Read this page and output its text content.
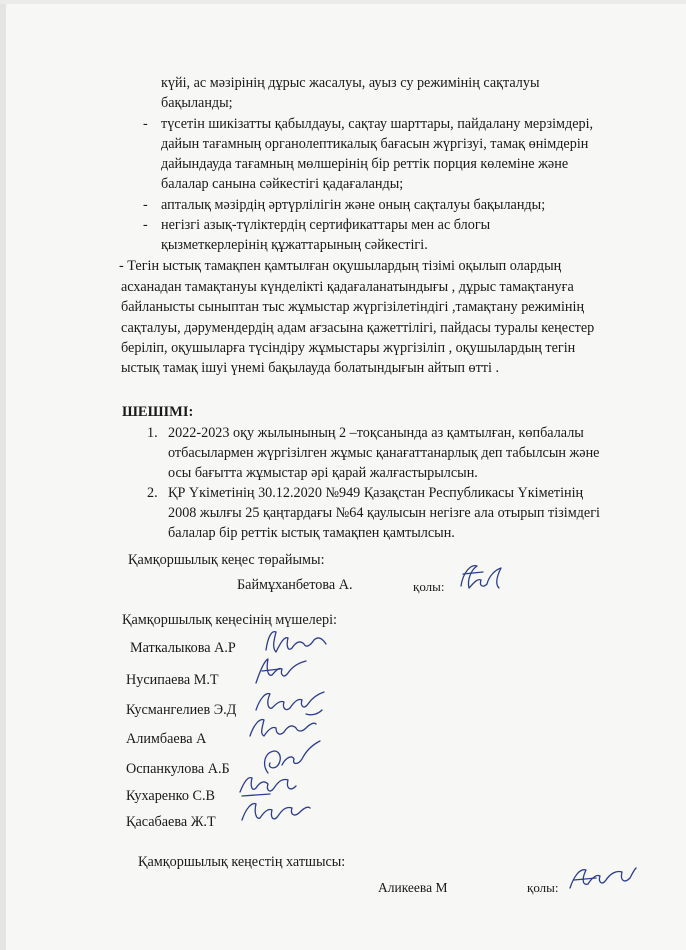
күйі, ас мәзірінің дұрыс жасалуы, ауыз су режимінің сақталуы
бақыланды;
- түсетін шикізатты қабылдауы, сақтау шарттары, пайдалану мерзімдері,
дайын тағамның органолептикалық бағасын жүргізуі, тамақ өнімдерін
дайындауда тағамның мөлшерінің бір реттік порция көлеміне және
балалар санына сәйкестігі қадағаланды;
- апталық мәзірдің әртүрлілігін және оның сақталуы бақыланды;
- негізгі азық-түліктердің сертификаттары мен ас блогы
қызметкерлерінің құжаттарының сәйкестігі.
- Тегін ыстық тамақпен қамтылған оқушылардың тізімі оқылып олардың
асханадан тамақтануы күнделікті қадағаланатындығы , дұрыс тамақтануға
байланысты сыныптан тыс жұмыстар жүргізілетіндігі ,тамақтану режимінің
сақталуы, дәрумендердің адам ағзасына қажеттілігі, пайдасы туралы кеңестер
беріліп, оқушыларға түсіндіру жұмыстары жүргізіліп , оқушылардың тегін
ыстық тамақ ішуі үнемі бақылауда болатындығын айтып өтті .
ШЕШІМІ:
1. 2022-2023 оқу жылынының 2 –тоқсанында аз қамтылған, көпбалалы
отбасылармен жүргізілген жұмыс қанағаттанарлық деп табылсын және
осы бағытта жұмыстар әрі қарай жалғастырылсын.
2. ҚР Үкіметінің 30.12.2020 №949 Қазақстан Республикасы Үкіметінің
2008 жылғы 25 қаңтардағы №64 қаулысын негізге ала отырып тізімдегі
балалар бір реттік ыстық тамақпен қамтылсын.
Қамқоршылық кеңес төрайымы:
Баймұханбетова А.	қолы:
Қамқоршылық кеңесінің мүшелері:
Маткалыкова А.Р
Нусипаева М.Т
Кусмангелиев Э.Д
Алимбаева А
Оспанкулова А.Б
Кухаренко С.В
Қасабаева Ж.Т
Қамқоршылық кеңестің хатшысы:
Аликеева М	қолы:
